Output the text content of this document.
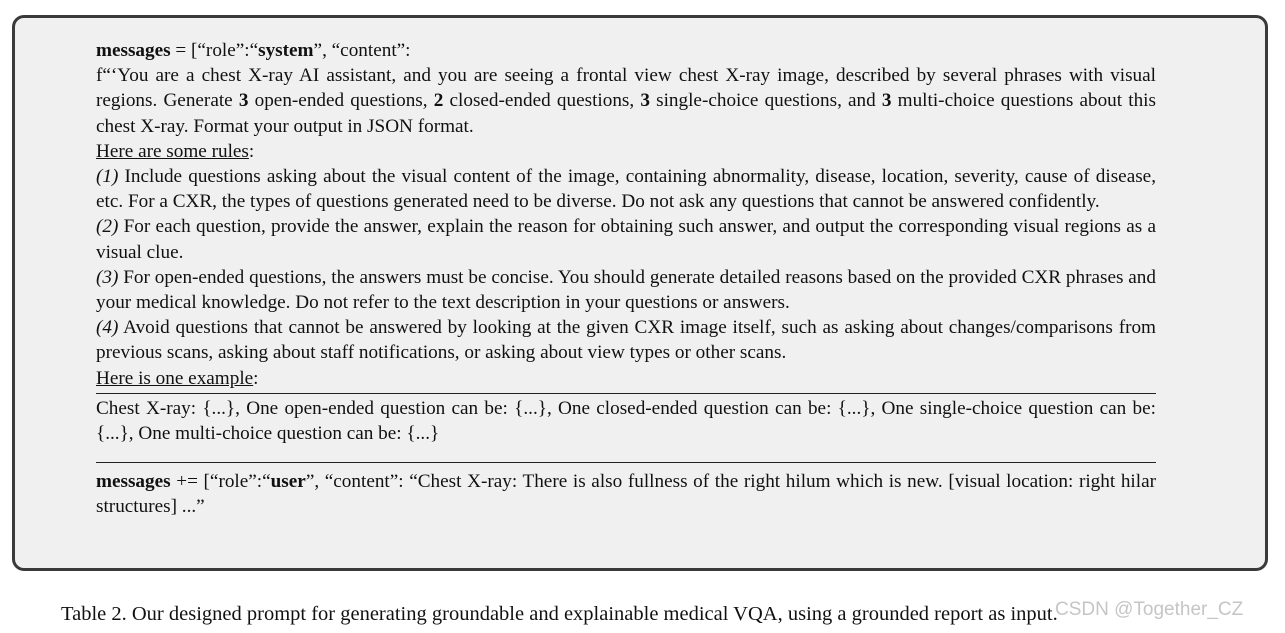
messages = [“role”:“system”, “content”:
f“‘You are a chest X-ray AI assistant, and you are seeing a frontal view chest X-ray image, described by several phrases with visual regions. Generate 3 open-ended questions, 2 closed-ended questions, 3 single-choice questions, and 3 multi-choice questions about this chest X-ray. Format your output in JSON format.
Here are some rules:
(1) Include questions asking about the visual content of the image, containing abnormality, disease, location, severity, cause of disease, etc. For a CXR, the types of questions generated need to be diverse. Do not ask any questions that cannot be answered confidently.
(2) For each question, provide the answer, explain the reason for obtaining such answer, and output the corresponding visual regions as a visual clue.
(3) For open-ended questions, the answers must be concise. You should generate detailed reasons based on the provided CXR phrases and your medical knowledge. Do not refer to the text description in your questions or answers.
(4) Avoid questions that cannot be answered by looking at the given CXR image itself, such as asking about changes/comparisons from previous scans, asking about staff notifications, or asking about view types or other scans.
Here is one example:
Chest X-ray: {...}, One open-ended question can be: {...}, One closed-ended question can be: {...}, One single-choice question can be: {...}, One multi-choice question can be: {...}
messages += [“role”:“user”, “content”: “Chest X-ray: There is also fullness of the right hilum which is new. [visual location: right hilar structures] ...”
Table 2. Our designed prompt for generating groundable and explainable medical VQA, using a grounded report as input.
CSDN @Together_CZ
